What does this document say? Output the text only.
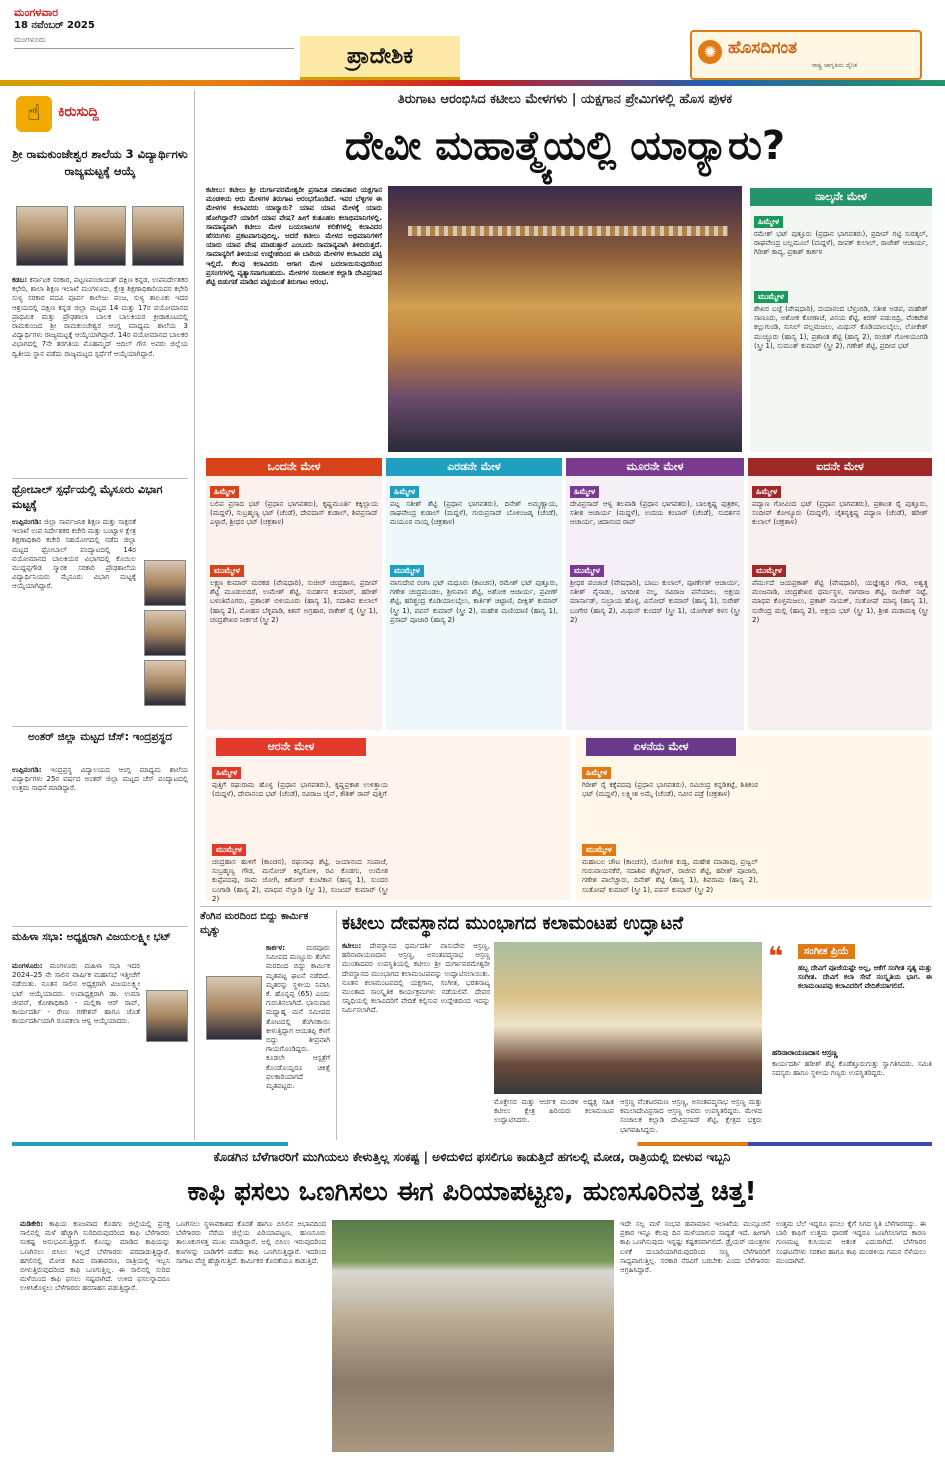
ಮಂಗಳವಾರ
18 ನವೆಂಬರ್ 2025
ಮಂಗಳೂರು
ಪ್ರಾದೇಶಿಕ	✺ ಹೊಸದಿಗಂತ
ರಾಷ್ಟ್ರ ಜಾಗೃತಿಯ ದೈನಿಕ
☝	ಕಿರುಸುದ್ದಿ
ಶ್ರೀ ರಾಮಕುಂಜೇಶ್ವರ ಶಾಲೆಯ 3 ವಿದ್ಯಾರ್ಥಿಗಳು ರಾಜ್ಯಮಟ್ಟಕ್ಕೆ ಆಯ್ಕೆ
ಕಡಬ: ಕರ್ನಾಟಕ ಸರಕಾರ, ಪಟ್ಟಣಪಂಚಾಯತ್ ದಕ್ಷಿಣ ಕನ್ನಡ, ಉಪನಿರ್ದೇಶಕರ ಕಛೇರಿ, ಶಾಲಾ ಶಿಕ್ಷಣ ಇಲಾಖೆ ಮಂಗಳೂರು, ಕ್ಷೇತ್ರ ಶಿಕ್ಷಣಾಧಿಕಾರಿಯವರ ಕಛೇರಿ ಸುಳ್ಯ ಸರಕಾರ ಪದವಿ ಪೂರ್ವ ಕಾಲೇಜು ಪಂಜ, ಸುಳ್ಯ ತಾಲೂಕು ಇದರ ಆಶ್ರಯದಲ್ಲಿ ದಕ್ಷಿಣ ಕನ್ನಡ ಜಿಲ್ಲಾ ಮಟ್ಟದ 14 ಮತ್ತು 17ರ ವಯೋಮಾನದ ಪ್ರಾಥಮಿಕ ಮತ್ತು ಪ್ರೌಢಶಾಲಾ ಬಾಲಕ ಬಾಲಕಿಯರ ಕ್ರೀಡಾಕೂಟದಲ್ಲಿ ರಾಮಕುಂಜದ ಶ್ರೀ ರಾಮಕುಂಜೇಶ್ವರ ಆಂಗ್ಲ ಮಾಧ್ಯಮ ಶಾಲೆಯ 3 ವಿದ್ಯಾರ್ಥಿಗಳು ರಾಜ್ಯಮಟ್ಟಕ್ಕೆ ಆಯ್ಕೆಯಾಗಿದ್ದಾರೆ. 14ರ ವಯೋಮಾನದ ಬಾಲಕರ ವಿಭಾಗದಲ್ಲಿ 7ನೇ ತರಗತಿಯ ಮೊಹಮ್ಮದ್ ಆದಿಲ್ ಗೌಸ ಅವರು ಜಿಲ್ಲೆಯ ದ್ವಿತೀಯ ಸ್ಥಾನ ಪಡೆದು ರಾಜ್ಯಮಟ್ಟದ ಸ್ಪರ್ಧೆಗೆ ಆಯ್ಕೆಯಾಗಿದ್ದಾರೆ.
ಥ್ರೋಬಾಲ್ ಸ್ಪರ್ಧೆಯಲ್ಲಿ ಮೈಸೂರು ವಿಭಾಗ ಮಟ್ಟಕ್ಕೆ
ಉಪ್ಪಿನಂಗಡಿ: ಜಿಲ್ಲಾ ಸಾರ್ವಜನಿಕ ಶಿಕ್ಷಣ ಮತ್ತು ಸಾಕ್ಷರತೆ ಇಲಾಖೆ ಉಪ ನಿರ್ದೇಶಕರ ಕಚೇರಿ ಮತ್ತು ಬಂಟ್ವಾಳ ಕ್ಷೇತ್ರ ಶಿಕ್ಷಣಾಧಿಕಾರಿ ಕಚೇರಿ ಸಹಯೋಗದಲ್ಲಿ ನಡೆದ ಜಿಲ್ಲಾ ಮಟ್ಟದ ಥ್ರೋಬಾಲ್ ಪಂದ್ಯಾಟದಲ್ಲಿ 14ರ ವಯೋಮಾನದ ಬಾಲಕಿಯರ ವಿಭಾಗದಲ್ಲಿ ಕೊಯಿಲ ಮುದ್ದಪ್ಪಗೌಡ ಸ್ಮಾರಕ ಸರಕಾರಿ ಪ್ರೌಢಶಾಲೆಯ ವಿದ್ಯಾರ್ಥಿನಿಯರು ಮೈಸೂರು ವಿಭಾಗ ಮಟ್ಟಕ್ಕೆ ಆಯ್ಕೆಯಾಗಿದ್ದಾರೆ.
ಅಂತರ್ ಜಿಲ್ಲಾ ಮಟ್ಟದ ಚೆಸ್: ಇಂದ್ರಪ್ರಸ್ಥದ
ಉಪ್ಪಿನಂಗಡಿ: ಇಂದ್ರಪ್ರಸ್ಥ ವಿದ್ಯಾಲಯದ ಆಂಗ್ಲ ಮಾಧ್ಯಮ ಶಾಲೆಯ ವಿದ್ಯಾರ್ಥಿಗಳು 25ರ ವರ್ಷದ ಅಂತರ್ ಜಿಲ್ಲಾ ಮಟ್ಟದ ಚೆಸ್ ಪಂದ್ಯಾಟದಲ್ಲಿ ಉತ್ತಮ ಸಾಧನೆ ಮಾಡಿದ್ದಾರೆ.
ಮಹಿಳಾ ಸಭಾ: ಅಧ್ಯಕ್ಷರಾಗಿ ವಿಜಯಲಕ್ಷ್ಮೀ ಭಟ್
ಮಂಗಳೂರು: ಮಂಗಳೂರು ಮಹಿಳಾ ಸಭಾ ಇದರ 2024–25 ನೇ ಸಾಲಿನ ವಾರ್ಷಿಕ ಮಹಾಸಭೆ ಇತ್ತೀಚೆಗೆ ನಡೆಯಿತು. ನೂತನ ಸಾಲಿನ ಅಧ್ಯಕ್ಷರಾಗಿ ವಿಜಯಲಕ್ಷ್ಮೀ ಭಟ್ ಆಯ್ಕೆಯಾದರು. ಉಪಾಧ್ಯಕ್ಷರಾಗಿ ಡಾ. ಉಮಾ ಜೀವನ್, ಕೋಶಾಧಿಕಾರಿ - ಮಲ್ಲಿಕಾ ಆರ್ ರಾವ್, ಕಾರ್ಯದರ್ಶಿ - ರೇಣು ಗಣೇಶನ್ ಹಾಗೂ ಜೊತೆ ಕಾರ್ಯದರ್ಶಿಯಾಗಿ ರೂಪಕಲಾ ಆಳ್ವ ಆಯ್ಕೆಯಾದರು.
ತಿರುಗಾಟ ಆರಂಭಿಸಿದ ಕಟೀಲು ಮೇಳಗಳು | ಯಕ್ಷಗಾನ ಪ್ರೇಮಿಗಳಲ್ಲಿ ಹೊಸ ಪುಳಕ
ದೇವೀ ಮಹಾತ್ಮ್ಯೆಯಲ್ಲಿ ಯಾರ್‍ಯಾರು?
ಕಟೀಲು: ಕಟೀಲು ಶ್ರೀ ದುರ್ಗಾಪರಮೇಶ್ವರೀ ಪ್ರಸಾದಿತ ದಶಾವತಾರ ಯಕ್ಷಗಾನ ಮಂಡಳಿಯ ಆರು ಮೇಳಗಳ ತಿರುಗಾಟ ಆರಂಭಗೊಂಡಿದೆ. ಇವರ ಬೆಳ್ಳಿಗಳ ಈ ಮೇಳಗಳ ಕಲಾವಿದರು ಯಾರ್‍ಯಾರು? ಯಾವ ಯಾವ ಮೇಳಕ್ಕೆ ಯಾರು ಹೋಗಿದ್ದಾರೆ? ಯಾರಿಗೆ ಯಾವ ವೇಷ? ಹೀಗೆ ಕುತೂಹಲ ಕಲಾಭಿಮಾನಿಗಳಲ್ಲಿ. ಸಾಮಾನ್ಯವಾಗಿ ಕಟೀಲು ಮೇಳ ಬಯಲಾಟಗಳ ಕಲಿಕೆಗಳಲ್ಲಿ ಕಲಾವಿದರ ಹೆಸರುಗಳು ಪ್ರಕಟವಾಗುವುದಿಲ್ಲ. ಆದರೆ ಕಟೀಲು ಮೇಳದ ಅಭಿಮಾನಿಗಳಿಗೆ ಯಾರು ಯಾವ ವೇಷ ಮಾಡುತ್ತಾರೆ ಎಂಬುದು ಸಾಮಾನ್ಯವಾಗಿ ತಿಳಿದಿರುತ್ತದೆ. ಸಾಮಾನ್ಯರಿಗೆ ತಿಳಿಯುವ ಉದ್ದೇಶದಿಂದ ಈ ಬಾರಿಯ ಮೇಳಗಳ ಕಲಾವಿದರ ಪಟ್ಟಿ ಇಲ್ಲಿದೆ. ಕೆಲವು ಕಲಾವಿದರು ಆಗಾಗ ಮೇಳ ಬದಲಾಯಿಸುವುದರಿಂದ ಪ್ರಸಂಗಗಳಲ್ಲಿ ವ್ಯತ್ಯಾಸವಾಗಬಹುದು. ಮೇಳಗಳ ಸಂಚಾಲಕ ಕಲ್ಲಾಡಿ ದೇವಿಪ್ರಸಾದ ಶೆಟ್ಟಿ ಬಿಡುಗಡೆ ಮಾಡಿದ ಪಟ್ಟಿಯಂತೆ ತಿರುಗಾಟ ಆರಂಭ.
ನಾಲ್ಕನೇ ಮೇಳ
ಹಿಮ್ಮೇಳ
ರಮೇಶ್ ಭಟ್ ಪುತ್ತೂರು (ಪ್ರಧಾನ ಭಾಗವತರು), ಪ್ರದೀಪ್ ಗಟ್ಟಿ ಸುರತ್ಕಲ್, ರಾಘವೇಂದ್ರ ಬಲ್ಲಮೂಲೆ (ಮದ್ದಳೆ), ದೀಪಕ್ ಕುಲಾಲ್, ರಾಜೇಶ್ ಆಚಾರ್ಯ, ಗಿರೀಶ್ ಕಾವ್ಯ, ಪ್ರಕಾಶ್ ಕಾರ್ಕಳ
ಮುಮ್ಮೇಳ
ಶೇಖರ ಬಜ್ಪೆ (ವೇಷಧಾರಿ), ದಯಾನಂದ ಬೆಳ್ತಂಗಡಿ, ಸತೀಶ ಅಡಪ, ಮಹೇಶ್ ಸಾಣೂರು, ಅಶೋಕ ಕೋಣಾಜೆ, ವಿನಯ ಶೆಟ್ಟಿ, ಕಿರಣ್ ಪಡುಬಿದ್ರಿ, ವೆಂಕಟೇಶ ಕಲ್ಲುಗುಂಡಿ, ಸುನಿಲ್ ಪಲ್ಲಮಜಲು, ಮಿಥುನ್ ಕೊಡಿಯಾಲಬೈಲು, ಲೋಕೇಶ್ ಮುಚ್ಚೂರು (ಹಾಸ್ಯ 1), ಪ್ರಶಾಂತ ಶೆಟ್ಟಿ (ಹಾಸ್ಯ 2), ರಂಜಿತ್ ಗೋಳಿಯಂಗಡಿ (ಸ್ತ್ರೀ 1), ಸುಮಂತ್ ಕುಮಾರ್ (ಸ್ತ್ರೀ 2), ಗಣೇಶ್ ಶೆಟ್ಟಿ, ಪ್ರದೀಪ ಭಟ್
ಒಂದನೇ ಮೇಳ
ಹಿಮ್ಮೇಳ
ಬಲಿಪ ಪ್ರಸಾದ ಭಟ್ (ಪ್ರಧಾನ ಭಾಗವತರು), ಕೃಷ್ಣಮೂರ್ತಿ ಕಕ್ಕಿಲ್ಲಾಯ (ಮದ್ದಳೆ), ಸುಬ್ರಹ್ಮಣ್ಯ ಭಟ್ (ಚೆಂಡೆ), ದೇವದಾಸ್ ಕುಡಾಲ್, ಶಿವಪ್ರಸಾದ್ ಎಳ್ಳಾರೆ, ಶ್ರೀಧರ ಭಟ್ (ಚಕ್ರತಾಳ)
ಮುಮ್ಮೇಳ
ಲಕ್ಷ್ಮಣ ಕುಮಾರ್ ಮರಕಡ (ವೇಷಧಾರಿ), ಸುಜೀರ್ ಚಂದ್ರಹಾಸ, ಪ್ರದೀಪ್ ಶೆಟ್ಟಿ ಮೂಡುಬಿದಿರೆ, ಉಮೇಶ್ ಶೆಟ್ಟಿ, ಸುದರ್ಶನ ಕುಮಾರ್, ಹರೀಶ್ ಬಳಂತಿಮೊಗರು, ಪ್ರಶಾಂತ್ ಬಿಳಿಯೂರು (ಹಾಸ್ಯ 1), ಸದಾಶಿವ ಕುಲಾಲ್ (ಹಾಸ್ಯ 2), ಮೋಹನ ಬೆಳ್ಳಿಪಾಡಿ, ಕಿಶನ್ ಅಗ್ರಹಾರ, ರಾಕೇಶ್ ರೈ (ಸ್ತ್ರೀ 1), ಚಂದ್ರಶೇಖರ ನೀರ್ಕಜೆ (ಸ್ತ್ರೀ 2)
ಎರಡನೇ ಮೇಳ
ಹಿಮ್ಮೇಳ
ಪಟ್ಲ ಸತೀಶ್ ಶೆಟ್ಟಿ (ಪ್ರಧಾನ ಭಾಗವತರು), ದಿನೇಶ್ ಅಮ್ಮಣ್ಣಾಯ, ರಾಘವೇಂದ್ರ ಕುಡಾಲ್ (ಮದ್ದಳೆ), ಗುರುಪ್ರಸಾದ್ ಬೊಳಿಂಜಡ್ಕ (ಚೆಂಡೆ), ಮಯೂರ ನಾಯ್ಗ (ಚಕ್ರತಾಳ)
ಮುಮ್ಮೇಳ
ವಾಸುದೇವ ರಂಗಾ ಭಟ್ ಮಧೂರು (ಕಾಂಚನ), ರಮೇಶ್ ಭಟ್ ಪುತ್ತೂರು, ಗಣೇಶ ಚಂದ್ರಮಂಡಲ, ಶ್ರೀನಿವಾಸ ಶೆಟ್ಟಿ, ಅಶೋಕ ಆಚಾರ್ಯ, ಪ್ರವೀಣ್ ಶೆಟ್ಟಿ, ಹರಿಶ್ಚಂದ್ರ ಕೊಡಿಯಾಲಬೈಲು, ಕಾರ್ತಿಕ್ ಚಿಟ್ಟಾಣಿ, ದೀಕ್ಷಿತ್ ಕುಮಾರ್ (ಸ್ತ್ರೀ 1), ಪವನ್ ಕುಮಾರ್ (ಸ್ತ್ರೀ 2), ಮಹೇಶ ಮಣಿಯಾಣಿ (ಹಾಸ್ಯ 1), ಪ್ರಸಾದ್ ಪೂಜಾರಿ (ಹಾಸ್ಯ 2)
ಮೂರನೇ ಮೇಳ
ಹಿಮ್ಮೇಳ
ದೇವಿಪ್ರಸಾದ್ ಆಳ್ವ ತಲಪಾಡಿ (ಪ್ರಧಾನ ಭಾಗವತರು), ಬಾಲಕೃಷ್ಣ ಪುತ್ರಕಳ, ಸತೀಶ ಆಚಾರ್ಯ (ಮದ್ದಳೆ), ಉದಯ ಕಂಬಾರ್ (ಚೆಂಡೆ), ಸುದರ್ಶನ ಆಚಾರ್ಯ, ಚಿದಾನಂದ ರಾವ್
ಮುಮ್ಮೇಳ
ಶ್ರೀಧರ ಪಂಜಾಜೆ (ವೇಷಧಾರಿ), ಬಾಬು ಕುಲಾಲ್, ಪೂರ್ಣೇಶ್ ಆಚಾರ್ಯ, ಸತೀಶ್ ನೈನಾಡು, ಜಗದೀಶ ನಲ್ಕ, ರವಿರಾಜ ಪನೆಯಾಲ, ಅಕ್ಷಯ ಮಾರ್ನಾಡ್, ಸುಬ್ರಾಯ ಹೊಳ್ಳ, ವಿನೋದ್ ಕುಮಾರ್ (ಹಾಸ್ಯ 1), ಸುರೇಶ್ ಬಂಗೇರ (ಹಾಸ್ಯ 2), ಮಿಥುನ್ ಕುಂದರ್ (ಸ್ತ್ರೀ 1), ಯೋಗೀಶ್ ಕಳಸ (ಸ್ತ್ರೀ 2)
ಐದನೇ ಮೇಳ
ಹಿಮ್ಮೇಳ
ಪದ್ಯಾಣ ಗೋವಿಂದ ಭಟ್ (ಪ್ರಧಾನ ಭಾಗವತರು), ಪ್ರಶಾಂತ ರೈ ಪುತ್ತೂರು, ಸಂದೀಪ್ ಕೋಳ್ಯೂರು (ಮದ್ದಳೆ), ಚೈತನ್ಯಕೃಷ್ಣ ಪದ್ಯಾಣ (ಚೆಂಡೆ), ಹರೀಶ್ ಕುಲಾಲ್ (ಚಕ್ರತಾಳ)
ಮುಮ್ಮೇಳ
ಪೆರ್ಮುದೆ ಜಯಪ್ರಕಾಶ್ ಶೆಟ್ಟಿ (ವೇಷಧಾರಿ), ಯಜ್ಞೇಶ್ವರ ಗೌಡ, ಅಶ್ವತ್ಥ ಮಂಜನಾಡಿ, ಚಂದ್ರಶೇಖರ ಧರ್ಮಸ್ಥಳ, ನಾಗರಾಜ ಶೆಟ್ಟಿ, ರಾಜೇಶ್ ನಿಟ್ಟೆ, ಮಾಧವ ಕೊಳ್ತಮಜಲು, ಪ್ರಕಾಶ್ ನಾಯಕ್, ಸಂತೋಷ್ ಮಾನ್ಯ (ಹಾಸ್ಯ 1), ಸುರೇಂದ್ರ ಮಲ್ಲಿ (ಹಾಸ್ಯ 2), ಅಕ್ಷಯ ಭಟ್ (ಸ್ತ್ರೀ 1), ಶ್ರೀಶ ಮಡಾಮಕ್ಕಿ (ಸ್ತ್ರೀ 2)
ಆರನೇ ಮೇಳ
ಹಿಮ್ಮೇಳ
ಪುತ್ತಿಗೆ ರಘುರಾಮ ಹೊಳ್ಳ (ಪ್ರಧಾನ ಭಾಗವತರು), ಕೃಷ್ಣಪ್ರಕಾಶ ಉಳಿತ್ತಾಯ (ಮದ್ದಳೆ), ದೇವಾನಂದ ಭಟ್ (ಚೆಂಡೆ), ರವಿರಾಜ ಜೈನ್, ಕೌಶಿಕ್ ರಾವ್ ಪುತ್ತಿಗೆ
ಮುಮ್ಮೇಳ
ಚಂದ್ರಹಾಸ ಹುಳಿಗೆ (ಕಾಂಚನ), ರಘುನಾಥ ಶೆಟ್ಟಿ, ಜಯಾನಂದ ಸಂಪಾಜೆ, ಸುಬ್ರಹ್ಮಣ್ಯ ಗೌಡ, ಮನೋಜ್ ಕಿನ್ನಿಗೋಳಿ, ರವಿ ಕೊಡಗು, ಉಮೇಶ ಕುಪ್ಪೆಪದವು, ರಾಮ ಜೋಗಿ, ಕಿಶೋರ್ ಕುಂಟಿಕಾನ (ಹಾಸ್ಯ 1), ಸುಂದರ ಬಂಗಾಡಿ (ಹಾಸ್ಯ 2), ಮಾಧವ ನೆಲ್ಯಾಡಿ (ಸ್ತ್ರೀ 1), ಸಂಜಯ್ ಕುಮಾರ್ (ಸ್ತ್ರೀ 2)
ಏಳನೆಯ ಮೇಳ
ಹಿಮ್ಮೇಳ
ಗಿರೀಶ್ ರೈ ಕಕ್ಕೆಪದವು (ಪ್ರಧಾನ ಭಾಗವತರು), ರವಿಚಂದ್ರ ಕನ್ನಡಿಕಟ್ಟೆ, ಶಿತಿಕಂಠ ಭಟ್ (ಮದ್ದಳೆ), ಲಕ್ಷ್ಮೀಶ ಅಮೈ (ಚೆಂಡೆ), ನವೀನ ಪಡ್ರೆ (ಚಕ್ರತಾಳ)
ಮುಮ್ಮೇಳ
ಮಹಾಬಲ ಚೌಟ (ಕಾಂಚನ), ಯೋಗೀಶ ಕುಡ್ವ, ಮಹೇಶ ಮಾಡಾವು, ಪ್ರಜ್ವಲ್ ಗುರುವಾಯನಕೆರೆ, ಸದಾಶಿವ ಶೆಟ್ಟಿಗಾರ್, ರಾಜೀವ ಶೆಟ್ಟಿ, ಹರೀಶ್ ಪೂಜಾರಿ, ಗಣೇಶ ಪಾಲೆಚ್ಚಾರು, ದಿನೇಶ್ ಶೆಟ್ಟಿ (ಹಾಸ್ಯ 1), ಶಿವರಾಮ (ಹಾಸ್ಯ 2), ಸಂತೋಷ್ ಕುಮಾರ್ (ಸ್ತ್ರೀ 1), ಪವನ್ ಕುಮಾರ್ (ಸ್ತ್ರೀ 2)
ತೆಂಗಿನ ಮರದಿಂದ ಬಿದ್ದು ಕಾರ್ಮಿಕ ಮೃತ್ಯು
ಕಾರ್ಕಳ:	ಮರವೂರು ಸಮೀಪದ ಮಣ್ಣೂರು ತೆಂಗಿನ ಮರದಿಂದ ಬಿದ್ದು ಕಾರ್ಮಿಕ ಮೃತಪಟ್ಟ ಘಟನೆ ನಡೆದಿದೆ. ಮೃತರನ್ನು ಸ್ಥಳೀಯ ನಿವಾಸಿ ಕೆ. ಹೊನ್ನಪ್ಪ (65) ಎಂದು ಗುರುತಿಸಲಾಗಿದೆ. ಭಾನುವಾರ ಮಧ್ಯಾಹ್ನ ಮನೆ ಸಮೀಪದ ತೋಟದಲ್ಲಿ ತೆಂಗಿನಕಾಯಿ ಕೀಳುತ್ತಿದ್ದಾಗ ಆಯತಪ್ಪಿ ಕೆಳಗೆ ಬಿದ್ದು ತೀವ್ರವಾಗಿ ಗಾಯಗೊಂಡಿದ್ದರು. ಕೂಡಲೇ ಆಸ್ಪತ್ರೆಗೆ ಕೊಂಡೊಯ್ದರೂ ಚಿಕಿತ್ಸೆ ಫಲಕಾರಿಯಾಗದೆ ಮೃತಪಟ್ಟರು.
ಕಟೀಲು ದೇವಸ್ಥಾನದ ಮುಂಭಾಗದ ಕಲಾಮಂಟಪ ಉದ್ಘಾಟನೆ
ಕಟೀಲು: ದೇವಸ್ಥಾನದ ಧರ್ಮದರ್ಶಿ ವಾಸುದೇವ ಆಸ್ರಣ್ಣ, ಹರಿನಾರಾಯಣದಾಸ ಆಸ್ರಣ್ಣ, ಅನಂತಪದ್ಮನಾಭ ಆಸ್ರಣ್ಣ ಮುಂತಾದವರ ಉಪಸ್ಥಿತಿಯಲ್ಲಿ ಕಟೀಲು ಶ್ರೀ ದುರ್ಗಾಪರಮೇಶ್ವರೀ ದೇವಸ್ಥಾನದ ಮುಂಭಾಗದ ಕಲಾಮಂಟಪವನ್ನು ಉದ್ಘಾಟಿಸಲಾಯಿತು. ನೂತನ ಕಲಾಮಂಟಪದಲ್ಲಿ ಯಕ್ಷಗಾನ, ಸಂಗೀತ, ಭರತನಾಟ್ಯ ಮುಂತಾದ ಸಾಂಸ್ಕೃತಿಕ ಕಾರ್ಯಕ್ರಮಗಳು ನಡೆಯಲಿವೆ. ದೇವರ ಸನ್ನಿಧಿಯಲ್ಲಿ ಕಲಾವಿದರಿಗೆ ವೇದಿಕೆ ಕಲ್ಪಿಸುವ ಉದ್ದೇಶದಿಂದ ಇದನ್ನು ನಿರ್ಮಿಸಲಾಗಿದೆ.
ಮೊಕ್ತೇಸರ ಮತ್ತು ಆರ್ಚಕ ಮಂಡಳಿ ಅಧ್ಯಕ್ಷ ಸಹಿತ ಕಟೀಲು ಕ್ಷೇತ್ರ ಹಿರಿಯರು ಕಲಾಮಂಟಪ ಉದ್ಘಾಟಿಸಿದರು.
ಆಸ್ರಣ್ಣ ವೆಂಕಟರಮಣ ಆಸ್ರಣ್ಣ, ಅನಂತಪದ್ಮನಾಭ ಆಸ್ರಣ್ಣ ಮತ್ತು ಕಮಲಾದೇವಿಪ್ರಸಾದ ಆಸ್ರಣ್ಣ ಅವರು ಉಪಸ್ಥಿತರಿದ್ದರು. ಮೇಳದ ಸಂಚಾಲಕ ಕಲ್ಲಾಡಿ ದೇವಿಪ್ರಸಾದ್ ಶೆಟ್ಟಿ, ಕ್ಷೇತ್ರದ ಭಕ್ತರು ಭಾಗವಹಿಸಿದ್ದರು.
❝	ಸಂಗೀತ ಪ್ರಿಯೆ
ಹಬ್ಬ ದೇವಿಗೆ ಪೂಜೆಯಷ್ಟೇ ಅಲ್ಲ, ಆಕೆಗೆ ಸಂಗೀತ ನೃತ್ಯ ಮತ್ತು ಸಂಗೀತ. ದೇವಿಗೆ ಕಲಾ ಸೇವೆ ಸಂಸ್ಕೃತಿಯ ಭಾಗ. ಈ ಕಲಾಮಂಟಪವು ಕಲಾವಿದರಿಗೆ ವೇದಿಕೆಯಾಗಲಿದೆ.
ಹರಿನಾರಾಯಣದಾಸ ಆಸ್ರಣ್ಣ
ಕಾರ್ಯದರ್ಶಿ ಹರೀಶ್ ಶೆಟ್ಟಿ ಕೊಡೆತ್ತೂರುಗುತ್ತು ಸ್ವಾಗತಿಸಿದರು. ಸಮಿತಿ ಸದಸ್ಯರು ಹಾಗೂ ಸ್ಥಳೀಯ ಗಣ್ಯರು ಉಪಸ್ಥಿತರಿದ್ದರು.
ಕೊಡಗಿನ ಬೆಳೆಗಾರರಿಗೆ ಮುಗಿಯಲು ಕೇಳುತ್ತಿಲ್ಲ ಸಂಕಷ್ಟ | ಅಳಿದುಳಿದ ಫಸಲಿಗೂ ಕಾಡುತ್ತಿದೆ ಹಗಲಲ್ಲಿ ಮೋಡ, ರಾತ್ರಿಯಲ್ಲಿ ಬೀಳುವ ಇಬ್ಬನಿ
ಕಾಫಿ ಫಸಲು ಒಣಗಿಸಲು ಈಗ ಪಿರಿಯಾಪಟ್ಟಣ, ಹುಣಸೂರಿನತ್ತ ಚಿತ್ತ!
ಮಡಿಕೇರಿ: ಕಾಫಿಯ ಕಣಜವಾದ ಕೊಡಗು ಜಿಲ್ಲೆಯಲ್ಲಿ ಪ್ರಸಕ್ತ ಸಾಲಿನಲ್ಲಿ ಮಳೆ ಹೆಚ್ಚಾಗಿ ಸುರಿದಿರುವುದರಿಂದ ಕಾಫಿ ಬೆಳೆಗಾರರು ಸಂಕಷ್ಟ ಅನುಭವಿಸುತ್ತಿದ್ದಾರೆ. ಕೊಯ್ಲು ಮಾಡಿದ ಕಾಫಿಯನ್ನು ಒಣಗಿಸಲು ಬಿಸಿಲು ಇಲ್ಲದೆ ಬೆಳೆಗಾರರು ಪರದಾಡುತ್ತಿದ್ದಾರೆ. ಹಗಲಿನಲ್ಲಿ ಮೋಡ ಕವಿದ ವಾತಾವರಣ, ರಾತ್ರಿಯಲ್ಲಿ ಇಬ್ಬನಿ ಬೀಳುತ್ತಿರುವುದರಿಂದ ಕಾಫಿ ಒಣಗುತ್ತಿಲ್ಲ. ಈ ಸಾಲಿನಲ್ಲಿ ಸುರಿದ ಮಳೆಯಿಂದ ಕಾಫಿ ಫಸಲು ನಷ್ಟವಾಗಿದೆ. ಉಳಿದ ಫಸಲನ್ನಾದರೂ ಉಳಿಸಿಕೊಳ್ಳಲು ಬೆಳೆಗಾರರು ಹರಸಾಹಸ ಪಡುತ್ತಿದ್ದಾರೆ.
ಒಣಗಿಸಲು ಸ್ಥಳಾವಕಾಶದ ಕೊರತೆ ಹಾಗೂ ಬಿಸಿಲಿನ ಅಭಾವದಿಂದ ಬೆಳೆಗಾರರು ನೆರೆಯ ಜಿಲ್ಲೆಯ ಪಿರಿಯಾಪಟ್ಟಣ, ಹುಣಸೂರು ತಾಲೂಕುಗಳತ್ತ ಮುಖ ಮಾಡಿದ್ದಾರೆ. ಅಲ್ಲಿ ಬಿಸಿಲು ಇರುವುದರಿಂದ ಕಣಗಳನ್ನು ಬಾಡಿಗೆಗೆ ಪಡೆದು ಕಾಫಿ ಒಣಗಿಸುತ್ತಿದ್ದಾರೆ. ಇದರಿಂದ ಸಾಗಾಟ ವೆಚ್ಚ ಹೆಚ್ಚಾಗುತ್ತಿದೆ. ಕಾರ್ಮಿಕರ ಕೊರತೆಯೂ ಕಾಡುತ್ತಿದೆ.
ಇದೇ ಸಲ್ಪ ಮಳೆ ಸಂಭವ ಹವಾಮಾನ ಇಲಾಖೆಯ ಮುನ್ಸೂಚನೆ ಪ್ರಕಾರ ಇನ್ನೂ ಕೆಲವು ದಿನ ಮಳೆಯಾಗುವ ಸಾಧ್ಯತೆ ಇದೆ. ಹೀಗಾಗಿ ಕಾಫಿ ಒಣಗಿಸುವುದು ಇನ್ನಷ್ಟು ಕಷ್ಟಕರವಾಗಲಿದೆ. ಡ್ರೈಯರ್ ಯಂತ್ರಗಳ ಬಳಕೆ ದುಬಾರಿಯಾಗಿರುವುದರಿಂದ ಸಣ್ಣ ಬೆಳೆಗಾರರಿಗೆ ಸಾಧ್ಯವಾಗುತ್ತಿಲ್ಲ. ಸರಕಾರ ನೆರವಿಗೆ ಬರಬೇಕು ಎಂದು ಬೆಳೆಗಾರರು ಆಗ್ರಹಿಸಿದ್ದಾರೆ.
ಉತ್ತಮ ಬೆಲೆ ಇದ್ದರೂ ಫಸಲು ಕೈಗೆ ಸಿಗದ ಸ್ಥಿತಿ ಬೆಳೆಗಾರರದ್ದು. ಈ ಬಾರಿ ಕಾಫಿಗೆ ಉತ್ತಮ ಧಾರಣೆ ಇದ್ದರೂ ಒಣಗಿಸಲಾಗದ ಕಾರಣ ಗುಣಮಟ್ಟ ಕುಸಿಯುವ ಆತಂಕ ಎದುರಾಗಿದೆ. ಬೆಳೆಗಾರರ ಸಂಘಟನೆಗಳು ಸರಕಾರ ಹಾಗೂ ಕಾಫಿ ಮಂಡಳಿಯ ಗಮನ ಸೆಳೆಯಲು ಮುಂದಾಗಿವೆ.
